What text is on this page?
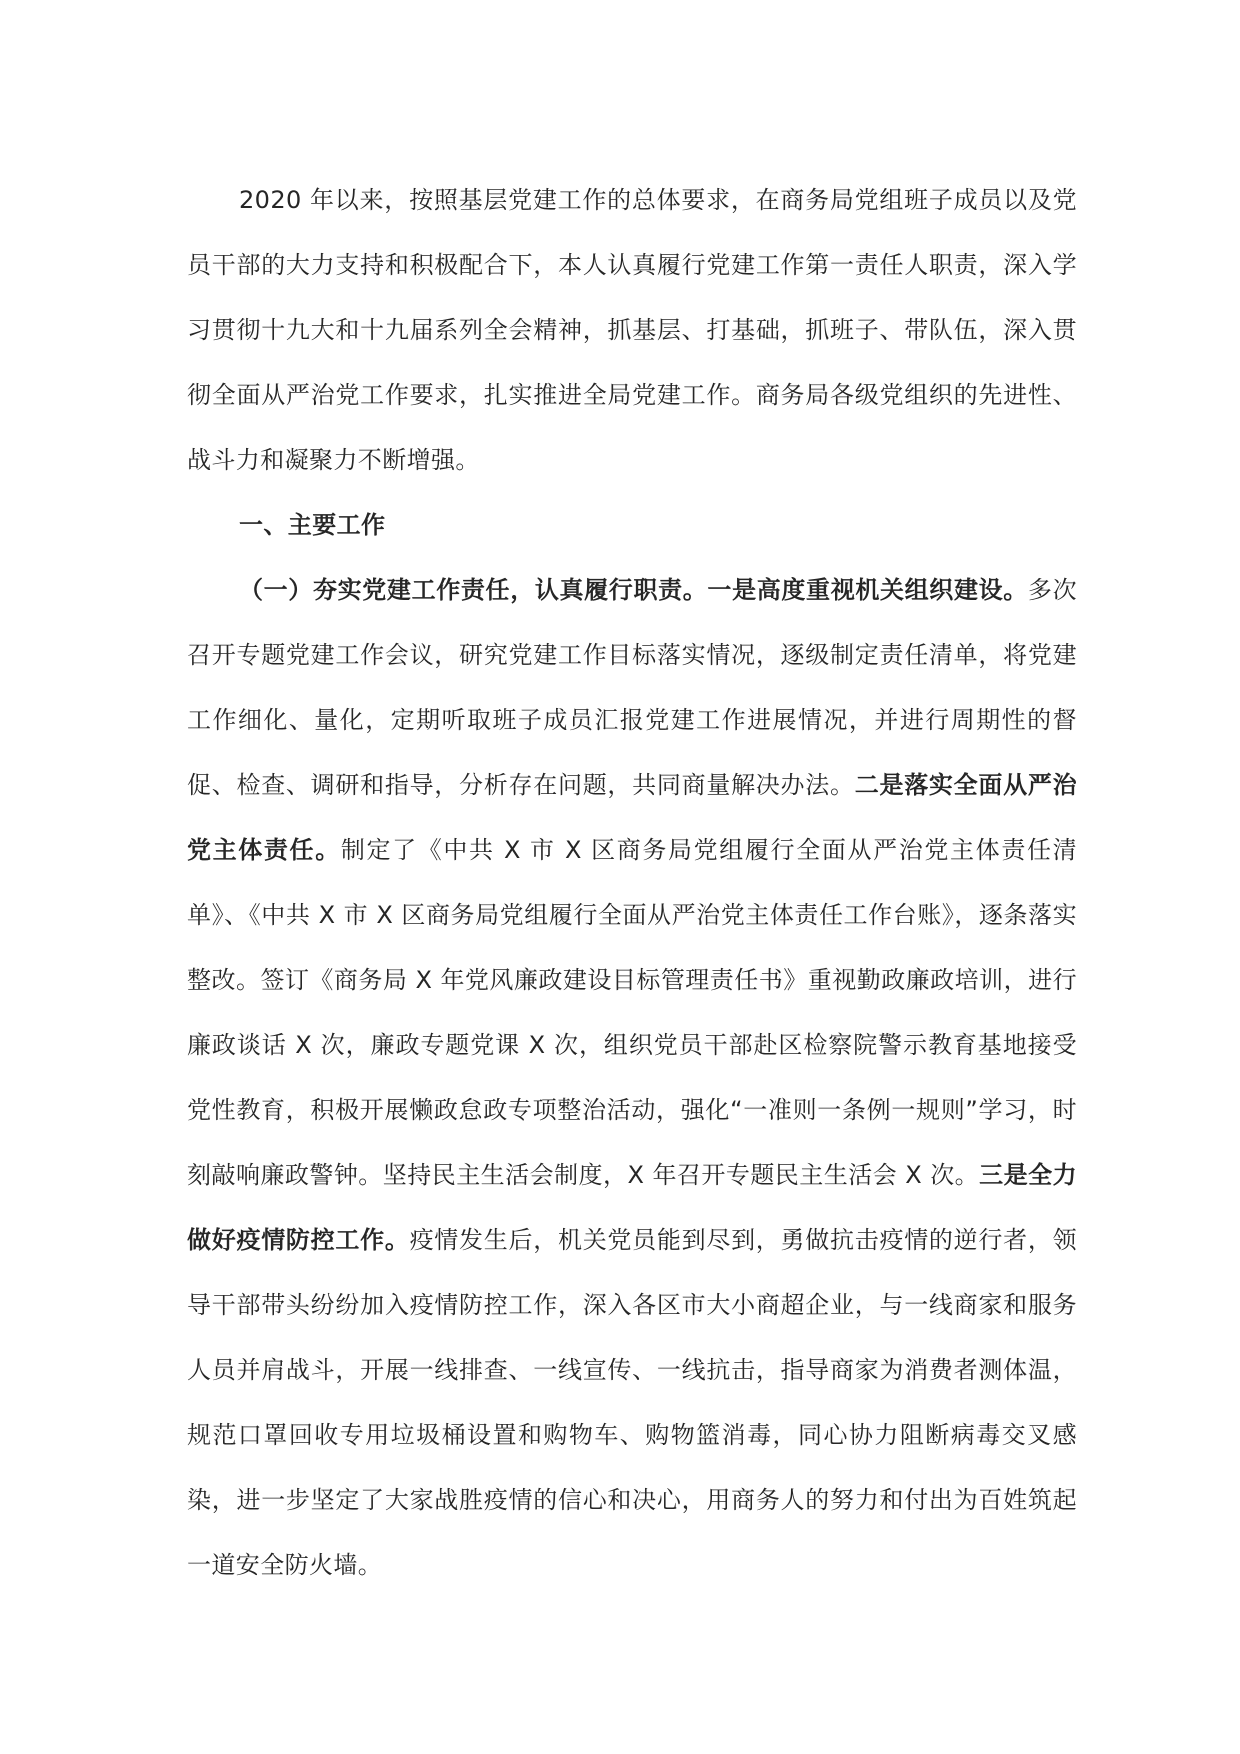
2020 年以来，按照基层党建工作的总体要求，在商务局党组班子成员以及党员干部的大力支持和积极配合下，本人认真履行党建工作第一责任人职责，深入学习贯彻十九大和十九届系列全会精神，抓基层、打基础，抓班子、带队伍，深入贯彻全面从严治党工作要求，扎实推进全局党建工作。商务局各级党组织的先进性、战斗力和凝聚力不断增强。

一、主要工作

（一）夯实党建工作责任，认真履行职责。一是高度重视机关组织建设。多次召开专题党建工作会议，研究党建工作目标落实情况，逐级制定责任清单，将党建工作细化、量化，定期听取班子成员汇报党建工作进展情况，并进行周期性的督促、检查、调研和指导，分析存在问题，共同商量解决办法。二是落实全面从严治党主体责任。制定了《中共 X 市 X 区商务局党组履行全面从严治党主体责任清单》、《中共 X 市 X 区商务局党组履行全面从严治党主体责任工作台账》，逐条落实整改。签订《商务局 X 年党风廉政建设目标管理责任书》重视勤政廉政培训，进行廉政谈话 X 次，廉政专题党课 X 次，组织党员干部赴区检察院警示教育基地接受党性教育，积极开展懒政怠政专项整治活动，强化“一准则一条例一规则”学习，时刻敲响廉政警钟。坚持民主生活会制度，X 年召开专题民主生活会 X 次。三是全力做好疫情防控工作。疫情发生后，机关党员能到尽到，勇做抗击疫情的逆行者，领导干部带头纷纷加入疫情防控工作，深入各区市大小商超企业，与一线商家和服务人员并肩战斗，开展一线排查、一线宣传、一线抗击，指导商家为消费者测体温，规范口罩回收专用垃圾桶设置和购物车、购物篮消毒，同心协力阻断病毒交叉感染，进一步坚定了大家战胜疫情的信心和决心，用商务人的努力和付出为百姓筑起一道安全防火墙。
